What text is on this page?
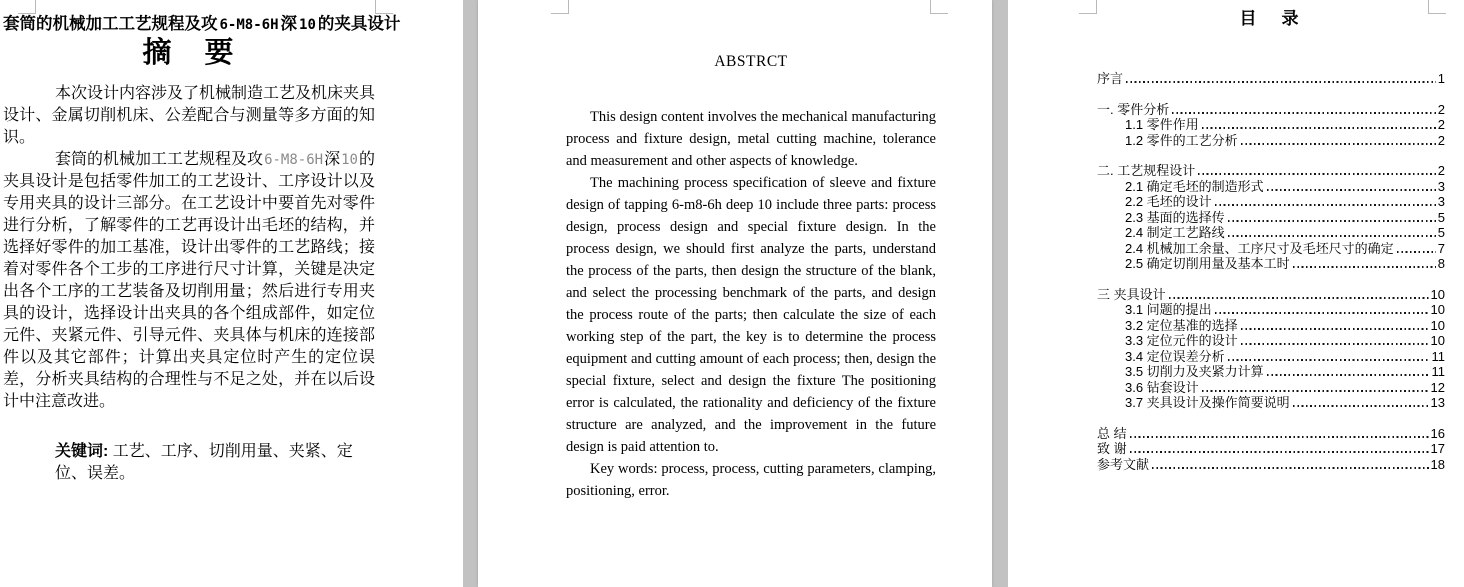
套筒的机械加工工艺规程及攻 6-M8-6H 深 10 的夹具设计
摘　要

本次设计内容涉及了机械制造工艺及机床夹具设计、金属切削机床、公差配合与测量等多方面的知识。

套筒的机械加工工艺规程及攻6-M8-6H深10的夹具设计是包括零件加工的工艺设计、工序设计以及专用夹具的设计三部分。在工艺设计中要首先对零件进行分析，了解零件的工艺再设计出毛坯的结构，并选择好零件的加工基准，设计出零件的工艺路线；接着对零件各个工步的工序进行尺寸计算，关键是决定出各个工序的工艺装备及切削用量；然后进行专用夹具的设计，选择设计出夹具的各个组成部件，如定位元件、夹紧元件、引导元件、夹具体与机床的连接部件以及其它部件；计算出夹具定位时产生的定位误差，分析夹具结构的合理性与不足之处，并在以后设计中注意改进。

关键词: 工艺、工序、切削用量、夹紧、定位、误差。
ABSTRCT

This design content involves the mechanical manufacturing process and fixture design, metal cutting machine, tolerance and measurement and other aspects of knowledge.

The machining process specification of sleeve and fixture design of tapping 6-m8-6h deep 10 include three parts: process design, process design and special fixture design. In the process design, we should first analyze the parts, understand the process of the parts, then design the structure of the blank, and select the processing benchmark of the parts, and design the process route of the parts; then calculate the size of each working step of the part, the key is to determine the process equipment and cutting amount of each process; then, design the special fixture, select and design the fixture The positioning error is calculated, the rationality and deficiency of the fixture structure are analyzed, and the improvement in the future design is paid attention to.

Key words: process, process, cutting parameters, clamping, positioning, error.

目　录
序言	1
一. 零件分析	2
1.1 零件作用	2
1.2 零件的工艺分析	2
二. 工艺规程设计	2
2.1 确定毛坯的制造形式	3
2.2 毛坯的设计	3
2.3 基面的选择传	5
2.4 制定工艺路线	5
2.4 机械加工余量、工序尺寸及毛坯尺寸的确定	7
2.5 确定切削用量及基本工时	8
三 夹具设计	10
3.1 问题的提出	10
3.2 定位基准的选择	10
3.3 定位元件的设计	10
3.4 定位误差分析	11
3.5 切削力及夹紧力计算	11
3.6 钻套设计	12
3.7 夹具设计及操作简要说明	13
总 结	16
致 谢	17
参考文献	18
